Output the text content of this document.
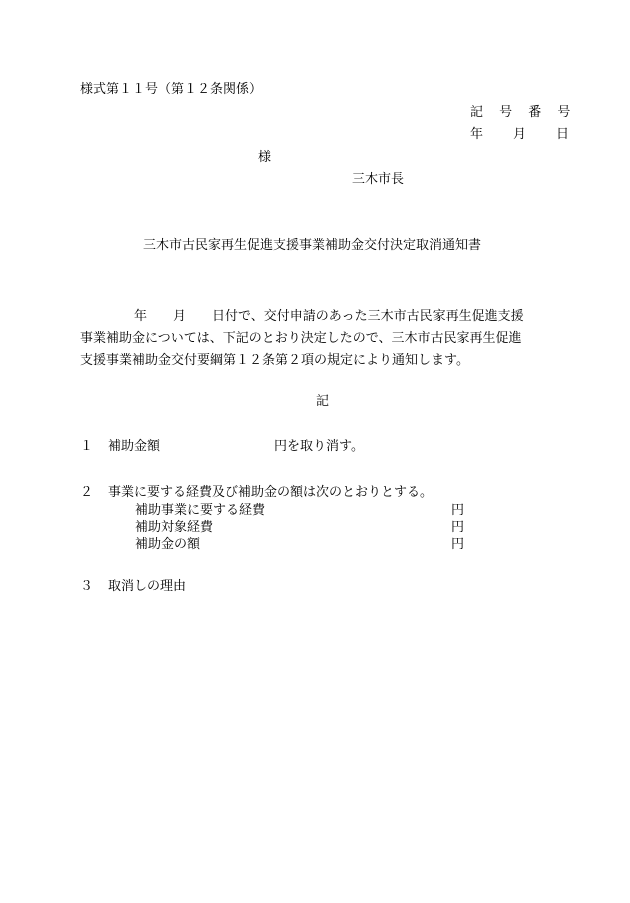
様式第１１号（第１２条関係）
記 号 番 号
年 月 日
様
三木市長
三木市古民家再生促進支援事業補助金交付決定取消通知書
年　　月　　日付で、交付申請のあった三木市古民家再生促進支援
事業補助金については、下記のとおり決定したので、三木市古民家再生促進
支援事業補助金交付要綱第１２条第２項の規定により通知します。
記
１ 補助金額	円を取り消す。
２ 事業に要する経費及び補助金の額は次のとおりとする。
補助事業に要する経費	円
補助対象経費	円
補助金の額	円
３ 取消しの理由
